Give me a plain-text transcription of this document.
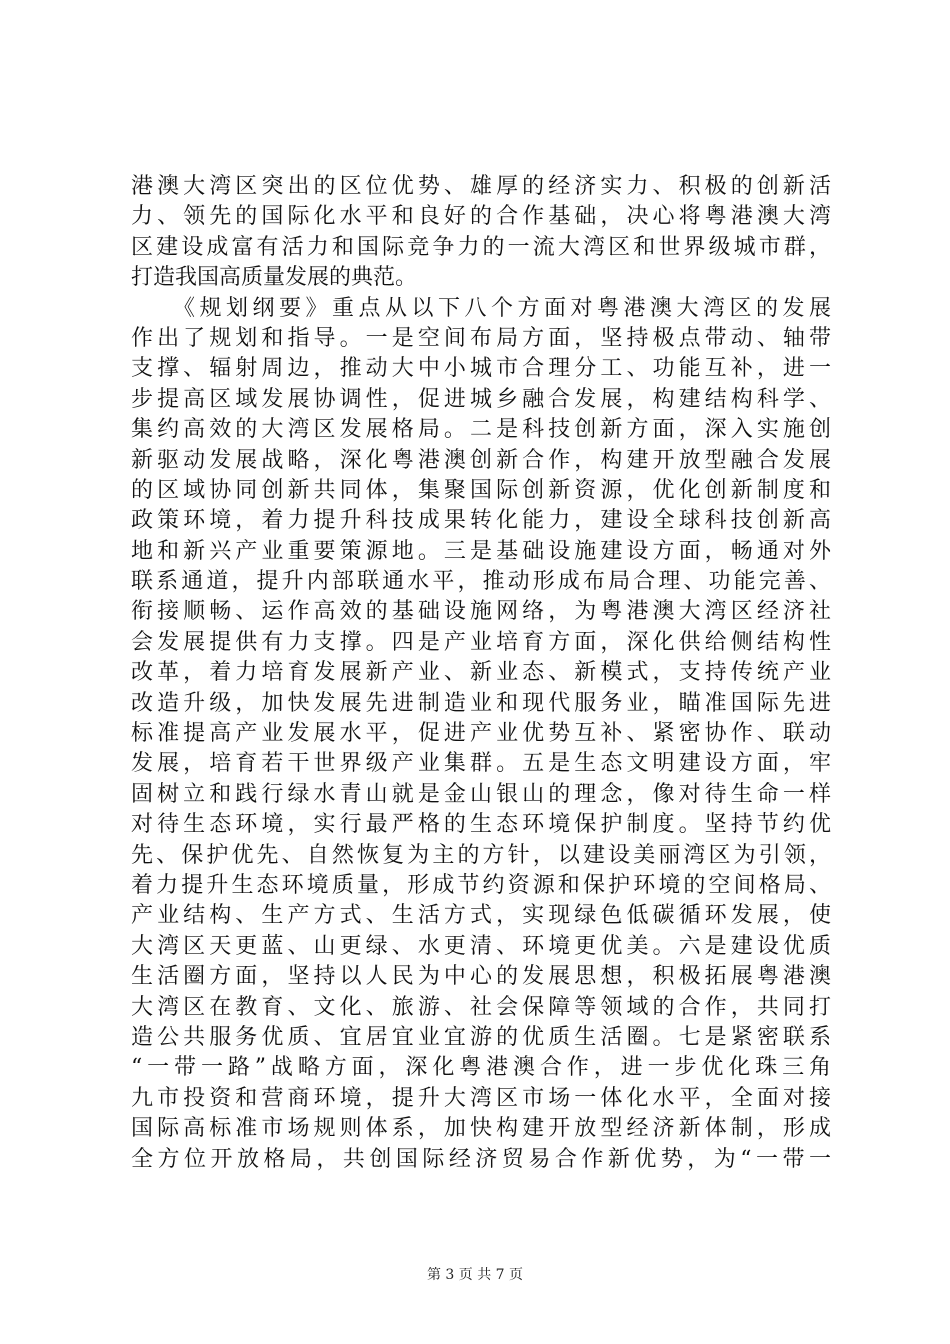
港澳大湾区突出的区位优势、雄厚的经济实力、积极的创新活
力、领先的国际化水平和良好的合作基础，决心将粤港澳大湾
区建设成富有活力和国际竞争力的一流大湾区和世界级城市群，
打造我国高质量发展的典范。
　　《规划纲要》重点从以下八个方面对粤港澳大湾区的发展
作出了规划和指导。一是空间布局方面，坚持极点带动、轴带
支撑、辐射周边，推动大中小城市合理分工、功能互补，进一
步提高区域发展协调性，促进城乡融合发展，构建结构科学、
集约高效的大湾区发展格局。二是科技创新方面，深入实施创
新驱动发展战略，深化粤港澳创新合作，构建开放型融合发展
的区域协同创新共同体，集聚国际创新资源，优化创新制度和
政策环境，着力提升科技成果转化能力，建设全球科技创新高
地和新兴产业重要策源地。三是基础设施建设方面，畅通对外
联系通道，提升内部联通水平，推动形成布局合理、功能完善、
衔接顺畅、运作高效的基础设施网络，为粤港澳大湾区经济社
会发展提供有力支撑。四是产业培育方面，深化供给侧结构性
改革，着力培育发展新产业、新业态、新模式，支持传统产业
改造升级，加快发展先进制造业和现代服务业，瞄准国际先进
标准提高产业发展水平，促进产业优势互补、紧密协作、联动
发展，培育若干世界级产业集群。五是生态文明建设方面，牢
固树立和践行绿水青山就是金山银山的理念，像对待生命一样
对待生态环境，实行最严格的生态环境保护制度。坚持节约优
先、保护优先、自然恢复为主的方针，以建设美丽湾区为引领，
着力提升生态环境质量，形成节约资源和保护环境的空间格局、
产业结构、生产方式、生活方式，实现绿色低碳循环发展，使
大湾区天更蓝、山更绿、水更清、环境更优美。六是建设优质
生活圈方面，坚持以人民为中心的发展思想，积极拓展粤港澳
大湾区在教育、文化、旅游、社会保障等领域的合作，共同打
造公共服务优质、宜居宜业宜游的优质生活圈。七是紧密联系
“一带一路”战略方面，深化粤港澳合作，进一步优化珠三角
九市投资和营商环境，提升大湾区市场一体化水平，全面对接
国际高标准市场规则体系，加快构建开放型经济新体制，形成
全方位开放格局，共创国际经济贸易合作新优势，为“一带一
第 3 页 共 7 页
